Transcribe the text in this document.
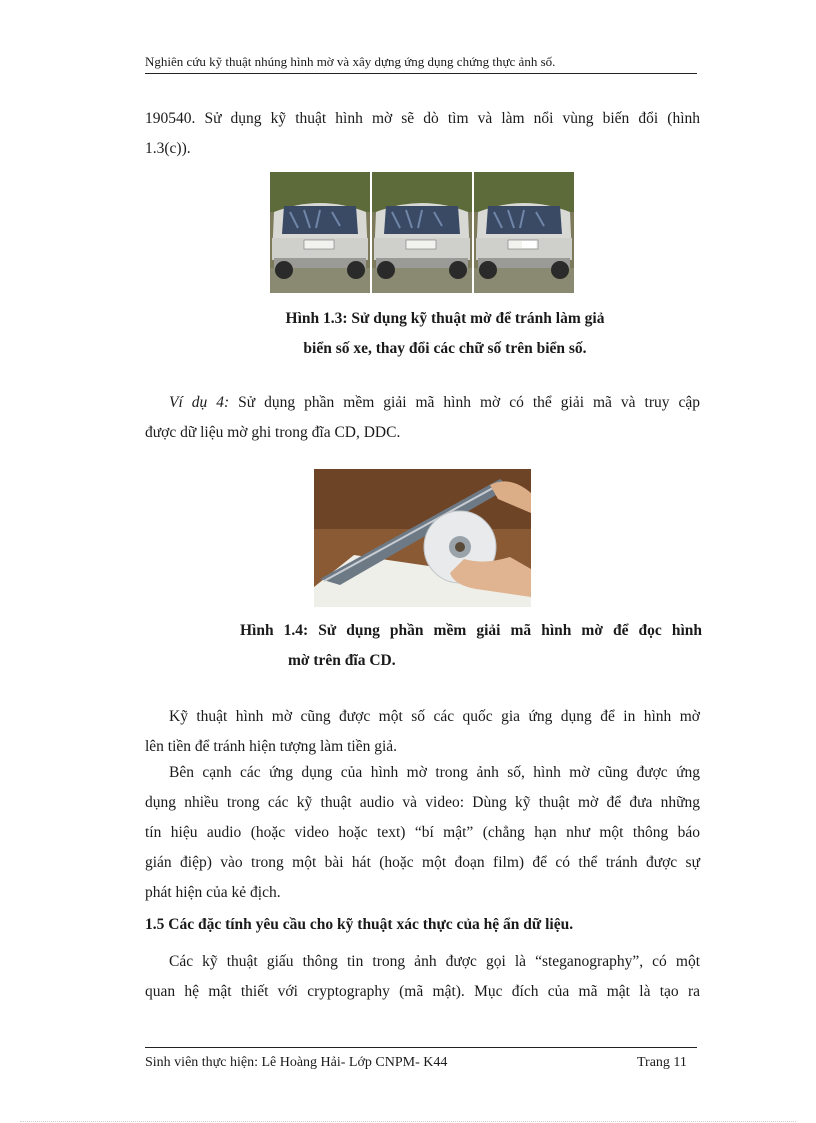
Nghiên cứu kỹ thuật nhúng hình mờ và xây dựng ứng dụng chứng thực ảnh số.
190540. Sử dụng kỹ thuật hình mờ sẽ dò tìm và làm nổi vùng biến đổi (hình
1.3(c)).
Hình 1.3: Sử dụng kỹ thuật mờ để tránh làm giả
biển số xe, thay đổi các chữ số trên biển số.
Ví dụ 4: Sử dụng phần mềm giải mã hình mờ có thể giải mã và truy cập
được dữ liệu mờ ghi trong đĩa CD, DDC.
Hình 1.4: Sử dụng phần mềm giải mã hình mờ để đọc hình
mờ trên đĩa CD.
Kỹ thuật hình mờ cũng được một số các quốc gia ứng dụng để in hình mờ
lên tiền để tránh hiện tượng làm tiền giả.
Bên cạnh các ứng dụng của hình mờ trong ảnh số, hình mờ cũng được ứng
dụng nhiều trong các kỹ thuật audio và video: Dùng kỹ thuật mờ để đưa những
tín hiệu audio (hoặc video hoặc text) “bí mật” (chẳng hạn như một thông báo
gián điệp) vào trong một bài hát (hoặc một đoạn film) để có thể tránh được sự
phát hiện của kẻ địch.
1.5 Các đặc tính yêu cầu cho kỹ thuật xác thực của hệ ẩn dữ liệu.
Các kỹ thuật giấu thông tin trong ảnh được gọi là “steganography”, có một
quan hệ mật thiết với cryptography (mã mật). Mục đích của mã mật là tạo ra
Sinh viên thực hiện: Lê Hoàng Hải- Lớp CNPM- K44	Trang 11
